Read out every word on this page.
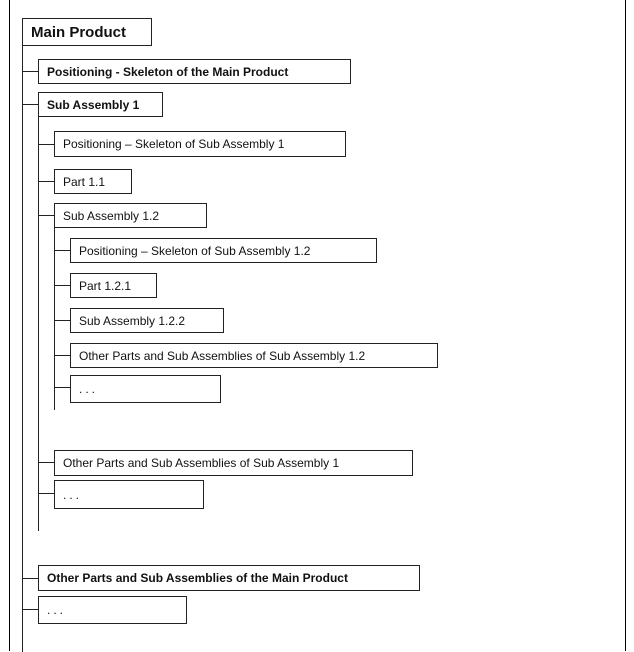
Main Product
Positioning - Skeleton of the Main Product
Sub Assembly 1
Positioning – Skeleton of Sub Assembly 1
Part 1.1
Sub Assembly 1.2
Positioning – Skeleton of Sub Assembly 1.2
Part 1.2.1
Sub Assembly 1.2.2
Other Parts and Sub Assemblies of Sub Assembly 1.2
...
Other Parts and Sub Assemblies of Sub Assembly 1
...
Other Parts and Sub Assemblies of the Main Product
...
